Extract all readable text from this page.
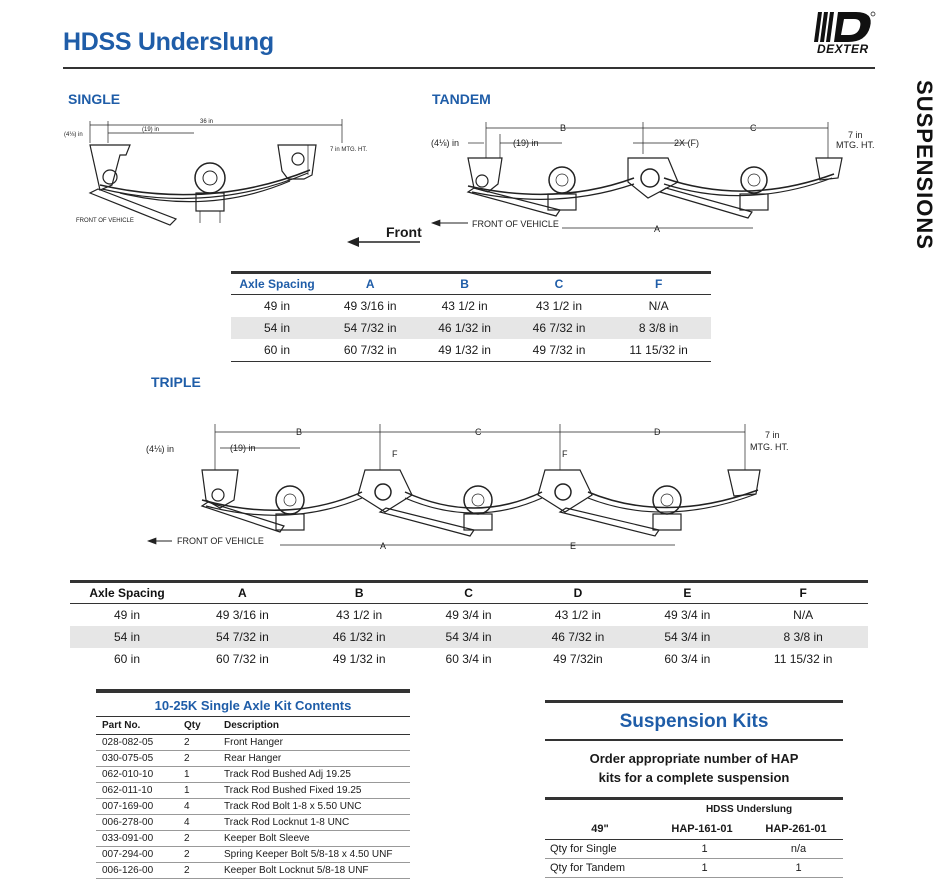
HDSS Underslung	DEXTER
SUSPENSIONS
SINGLE
(4⅛) in
(19) in
36 in
7 in MTG. HT.
FRONT OF VEHICLE
TANDEM
(4⅛) in	(19) in
B	C
2X (F)
A
7 in
MTG. HT.
FRONT OF VEHICLE
Front
Axle Spacing	A	B	C	F
49 in	49 3/16 in	43 1/2 in	43 1/2 in	N/A
54 in	54 7/32 in	46 1/32 in	46 7/32 in	8 3/8 in
60 in	60 7/32 in	49 1/32 in	49 7/32 in	11 15/32 in
TRIPLE
(4⅛) in	(19) in
B	C	D
F	F
A	E
7 in
MTG. HT.
FRONT OF VEHICLE
Axle Spacing	A	B	C	D	E	F
49 in	49 3/16 in	43 1/2 in	49 3/4 in	43 1/2 in	49 3/4 in	N/A
54 in	54 7/32 in	46 1/32 in	54 3/4 in	46 7/32 in	54 3/4 in	8 3/8 in
60 in	60 7/32 in	49 1/32 in	60 3/4 in	49 7/32in	60 3/4 in	11 15/32 in
10-25K Single Axle Kit Contents
Part No.	Qty	Description
028-082-05	2	Front Hanger
030-075-05	2	Rear Hanger
062-010-10	1	Track Rod Bushed Adj 19.25
062-011-10	1	Track Rod Bushed Fixed 19.25
007-169-00	4	Track Rod Bolt 1-8 x 5.50 UNC
006-278-00	4	Track Rod Locknut 1-8 UNC
033-091-00	2	Keeper Bolt Sleeve
007-294-00	2	Spring Keeper Bolt 5/8-18 x 4.50 UNF
006-126-00	2	Keeper Bolt Locknut 5/8-18 UNF
Suspension Kits
Order appropriate number of HAP
kits for a complete suspension
	HDSS Underslung	
49"	HAP-161-01	HAP-261-01
Qty for Single	1	n/a
Qty for Tandem	1	1
